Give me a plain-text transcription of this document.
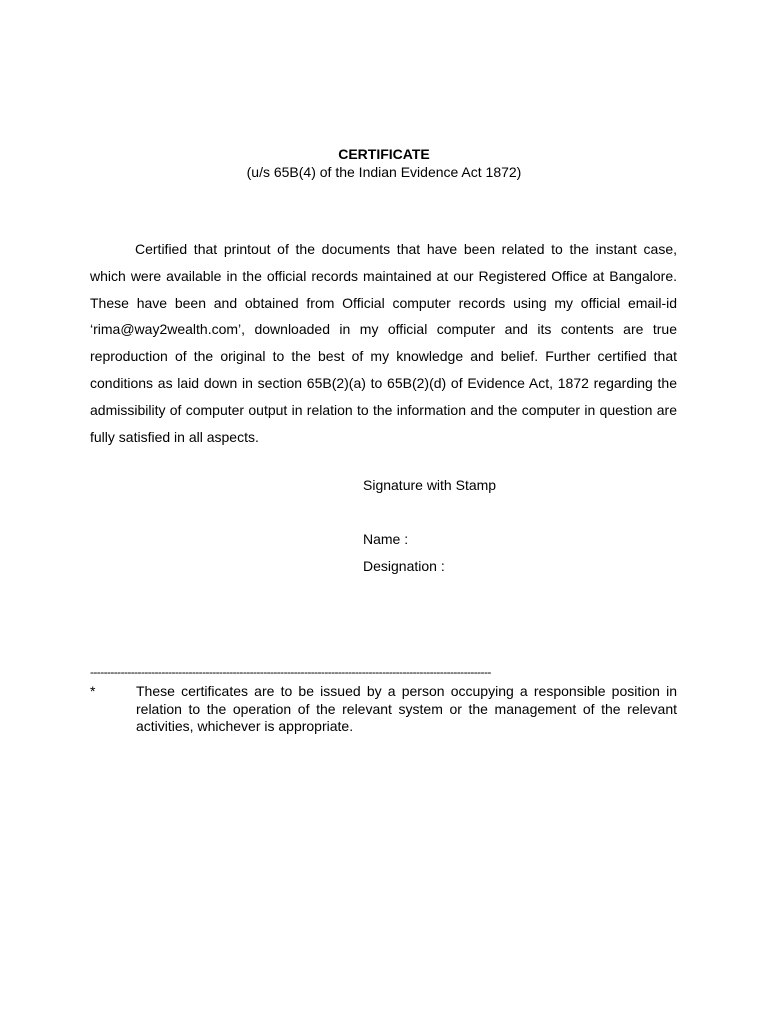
CERTIFICATE
(u/s 65B(4) of the Indian Evidence Act 1872)

Certified that printout of the documents that have been related to the instant case, which were available in the official records maintained at our Registered Office at Bangalore. These have been and obtained from Official computer records using my official email-id ‘rima@way2wealth.com’, downloaded in my official computer and its contents are true reproduction of the original to the best of my knowledge and belief. Further certified that conditions as laid down in section 65B(2)(a) to 65B(2)(d) of Evidence Act, 1872 regarding the admissibility of computer output in relation to the information and the computer in question are fully satisfied in all aspects.

Signature with Stamp
Name :
Designation :
----------------------------------------------------------------------------------------------------------------------
*	These certificates are to be issued by a person occupying a responsible position in relation to the operation of the relevant system or the management of the relevant activities, whichever is appropriate.
